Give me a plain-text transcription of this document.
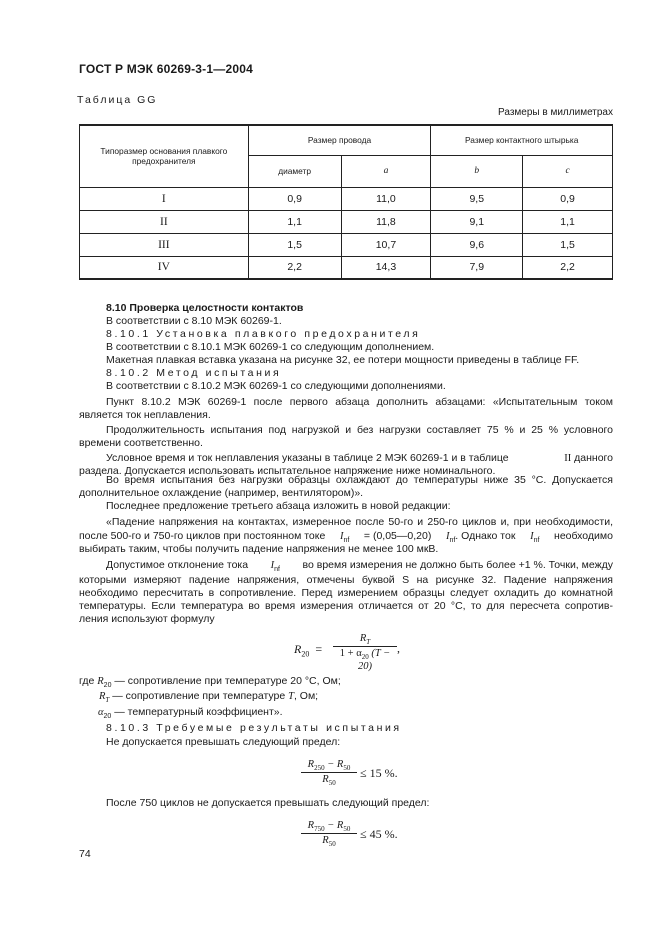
ГОСТ Р МЭК 60269-3-1—2004
Таблица GG
Размеры в миллиметрах
Типоразмер основания плавкого предохранителя	Размер провода		Размер контактного штырька	
	диаметр	a	b	c
I	0,9	11,0	9,5	0,9
II	1,1	11,8	9,1	1,1
III	1,5	10,7	9,6	1,5
IV	2,2	14,3	7,9	2,2
8.10 Проверка целостности контактов
В соответствии с 8.10 МЭК 60269-1.
8.10.1 Установка плавкого предохранителя
В соответствии с 8.10.1 МЭК 60269-1 со следующим дополнением.
Макетная плавкая вставка указана на рисунке 32, ее потери мощности приведены в таблице FF.
8.10.2 Метод испытания
В соответствии с 8.10.2 МЭК 60269-1 со следующими дополнениями.
Пункт 8.10.2 МЭК 60269-1 после первого абзаца дополнить абзацами: «Испытательным током
является ток неплавления.
Продолжительность испытания под нагрузкой и без нагрузки составляет 75 % и 25 % условного
времени соответственно.
Условное время и ток неплавления указаны в таблице 2 МЭК 60269-1 и в таблице	II данного
раздела. Допускается использовать испытательное напряжение ниже номинального.
Во время испытания без нагрузки образцы охлаждают до температуры ниже 35 °С. Допускается
дополнительное охлаждение (например, вентилятором)».
Последнее предложение третьего абзаца изложить в новой редакции:
«Падение напряжения на контактах, измеренное после 50-го и 250-го циклов и, при необходимости,
после 500-го и 750-го циклов при постоянном токе $I_{nf}$ = (0,05—0,20) $I_{nf}$. Однако ток $I_{nf}$ необходимо
выбирать таким, чтобы получить падение напряжения не менее 100 мкВ.
Допустимое отклонение тока $I_{nf}$ во время измерения не должно быть более +1 %. Точки, между
которыми измеряют падение напряжения, отмечены буквой S на рисунке 32. Падение напряжения
необходимо пересчитать в сопротивление. Перед измерением образцы следует охладить до комнатной
температуры. Если температура во время измерения отличается от 20 °С, то для пересчета сопротив-
ления используют формулу
$R_{20} = \frac{R_T}{1 + \alpha_{20} (T - 20)}$ ,
где $R_{20}$ — сопротивление при температуре 20 °С, Ом;
$R_T$ — сопротивление при температуре T, Ом;
$\alpha_{20}$ — температурный коэффициент».
8.10.3 Требуемые результаты испытания
Не допускается превышать следующий предел:
$\frac{R_{250} - R_{50}}{R_{50}} \le 15$ %.
После 750 циклов не допускается превышать следующий предел:
$\frac{R_{750} - R_{50}}{R_{50}} \le 45$ %.
74
